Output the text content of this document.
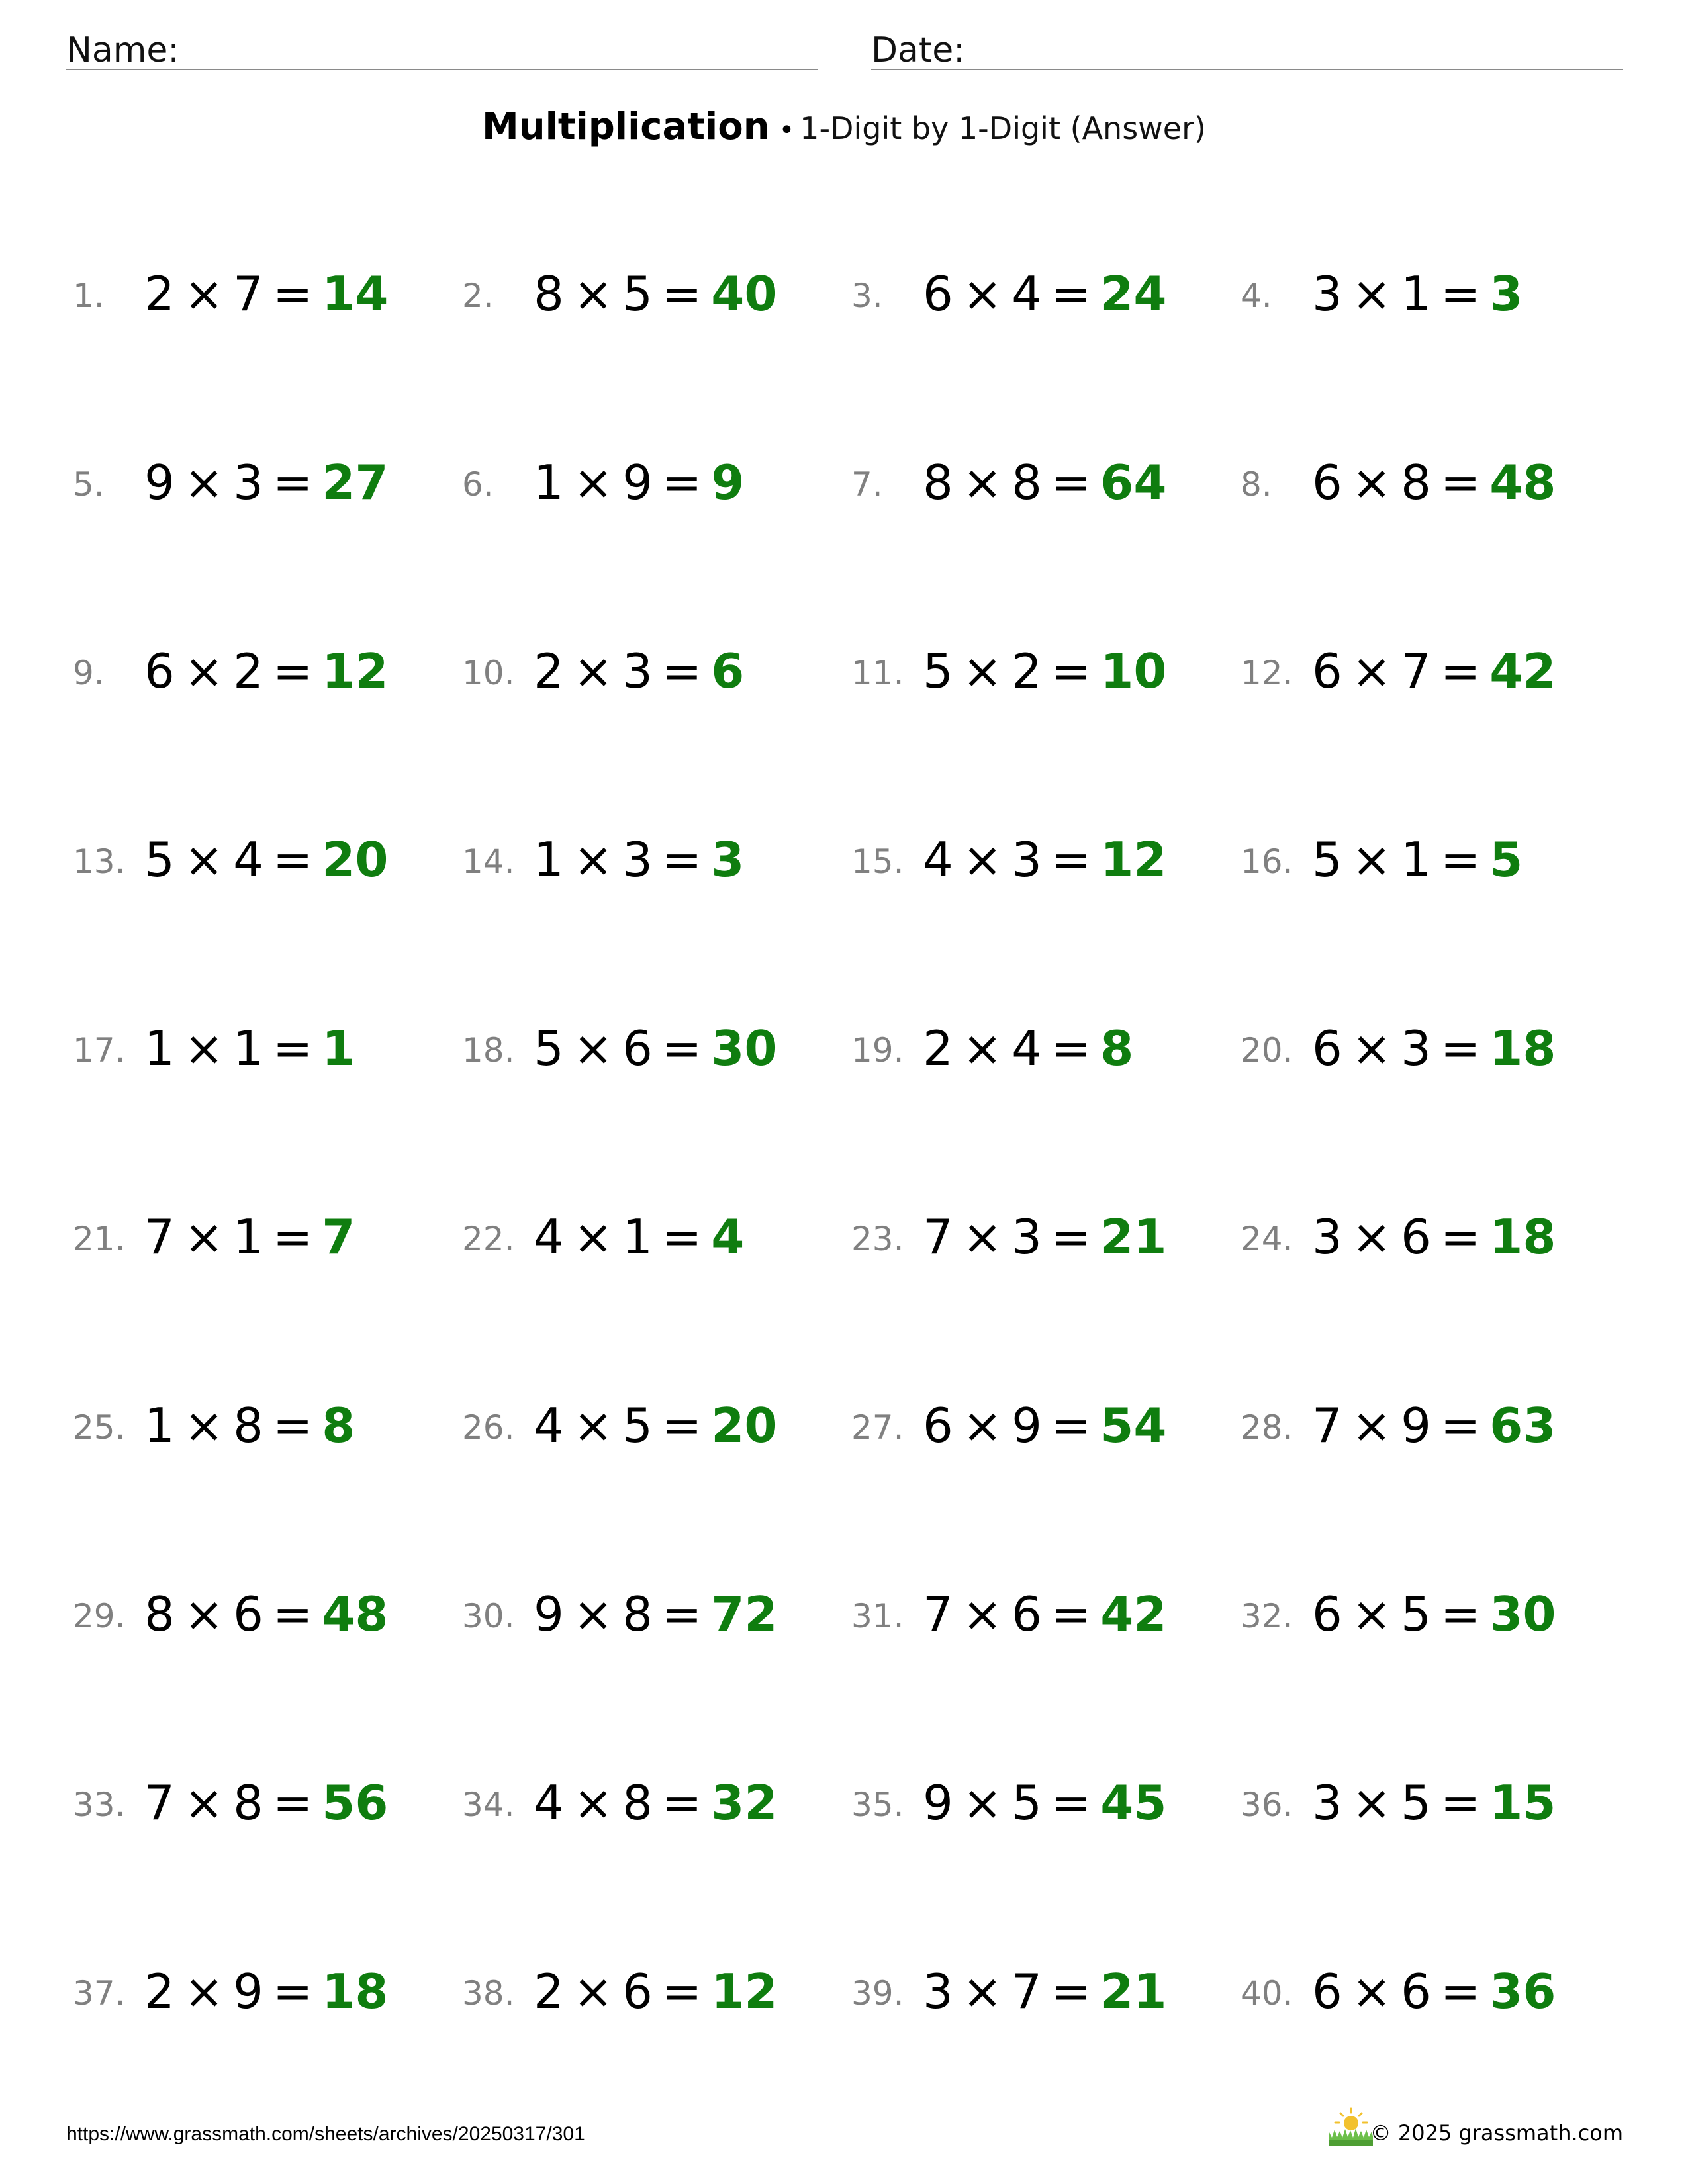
Name:	Date:
Multiplication • 1-Digit by 1-Digit (Answer)
1. 2 × 7 = 14 2. 8 × 5 = 40 3. 6 × 4 = 24 4. 3 × 1 = 3
5. 9 × 3 = 27 6. 1 × 9 = 9	7. 8 × 8 = 64 8. 6 × 8 = 48
9. 6 × 2 = 12 10. 2 × 3 = 6	11. 5 × 2 = 10 12. 6 × 7 = 42
13. 5 × 4 = 20 14. 1 × 3 = 3	15. 4 × 3 = 12 16. 5 × 1 = 5
17. 1 × 1 = 1	18. 5 × 6 = 30 19. 2 × 4 = 8	20. 6 × 3 = 18
21. 7 × 1 = 7	22. 4 × 1 = 4	23. 7 × 3 = 21 24. 3 × 6 = 18
25. 1 × 8 = 8	26. 4 × 5 = 20 27. 6 × 9 = 54 28. 7 × 9 = 63
29. 8 × 6 = 48 30. 9 × 8 = 72 31. 7 × 6 = 42 32. 6 × 5 = 30
33. 7 × 8 = 56 34. 4 × 8 = 32 35. 9 × 5 = 45 36. 3 × 5 = 15
37. 2 × 9 = 18 38. 2 × 6 = 12 39. 3 × 7 = 21 40. 6 × 6 = 36
https://www.grassmath.com/sheets/archives/20250317/301	© 2025 grassmath.com
